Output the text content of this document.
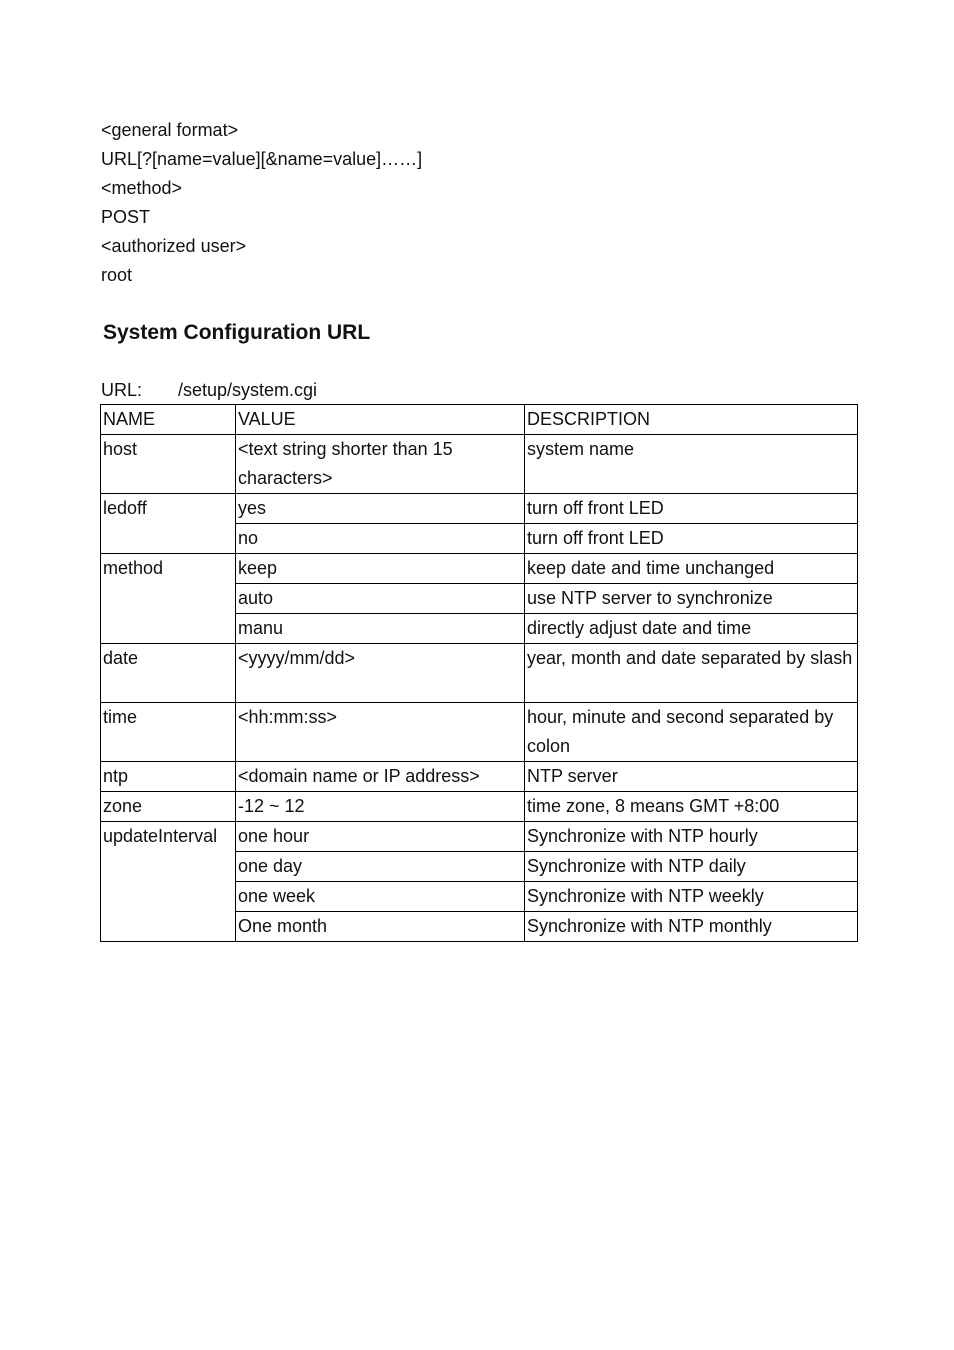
<general format>
URL[?[name=value][&name=value]……]
<method>
POST
<authorized user>
root
System Configuration URL
URL: /setup/system.cgi
NAME	VALUE	DESCRIPTION
host	<text string shorter than 15 characters>	system name
ledoff	yes	turn off front LED
	no	turn off front LED
method	keep	keep date and time unchanged
	auto	use NTP server to synchronize
	manu	directly adjust date and time
date	<yyyy/mm/dd>	year, month and date separated by slash
time	<hh:mm:ss>	hour, minute and second separated by colon
ntp	<domain name or IP address>	NTP server
zone	-12 ~ 12	time zone, 8 means GMT +8:00
updateInterval	one hour	Synchronize with NTP hourly
	one day	Synchronize with NTP daily
	one week	Synchronize with NTP weekly
	One month	Synchronize with NTP monthly
